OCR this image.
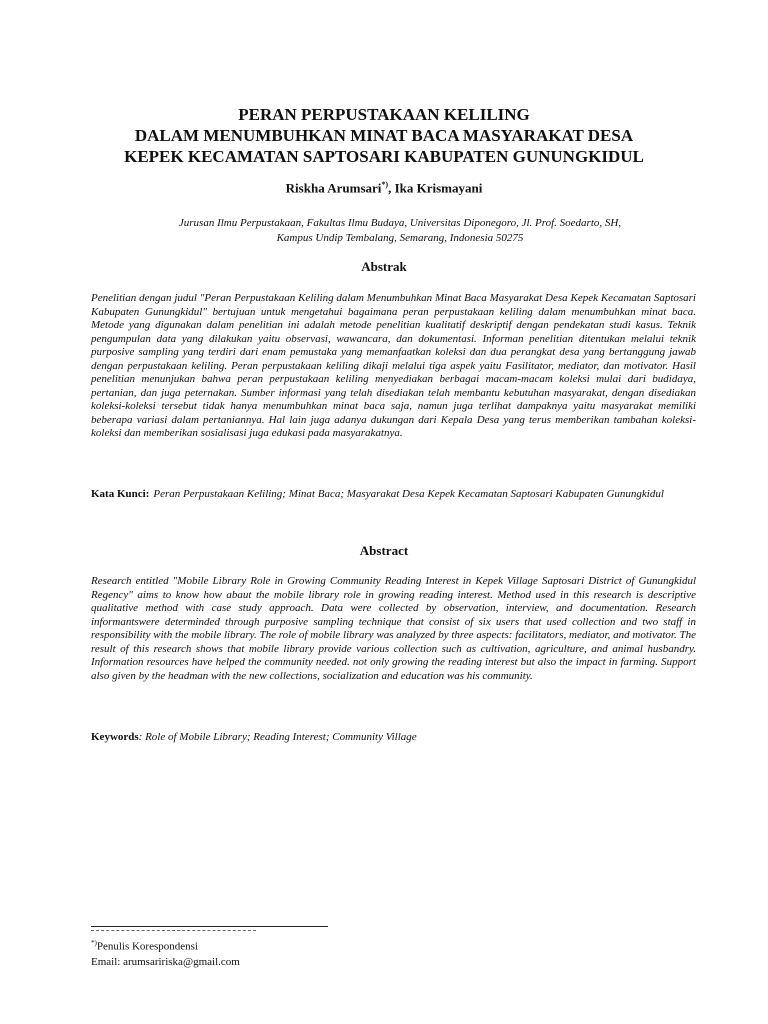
PERAN PERPUSTAKAAN KELILING
DALAM MENUMBUHKAN MINAT BACA MASYARAKAT DESA
KEPEK KECAMATAN SAPTOSARI KABUPATEN GUNUNGKIDUL
Riskha Arumsari*), Ika Krismayani
Jurusan Ilmu Perpustakaan, Fakultas Ilmu Budaya, Universitas Diponegoro, Jl. Prof. Soedarto, SH,
Kampus Undip Tembalang, Semarang, Indonesia 50275
Abstrak
Penelitian dengan judul "Peran Perpustakaan Keliling dalam Menumbuhkan Minat Baca Masyarakat Desa Kepek Kecamatan Saptosari Kabupaten Gunungkidul" bertujuan untuk mengetahui bagaimana peran perpustakaan keliling dalam menumbuhkan minat baca. Metode yang digunakan dalam penelitian ini adalah metode penelitian kualitatif deskriptif dengan pendekatan studi kasus. Teknik pengumpulan data yang dilakukan yaitu observasi, wawancara, dan dokumentasi. Informan penelitian ditentukan melalui teknik purposive sampling yang terdiri dari enam pemustaka yang memanfaatkan koleksi dan dua perangkat desa yang bertanggung jawab dengan perpustakaan keliling. Peran perpustakaan keliling dikaji melalui tiga aspek yaitu Fasilitator, mediator, dan motivator. Hasil penelitian menunjukan bahwa peran perpustakaan keliling menyediakan berbagai macam-macam koleksi mulai dari budidaya, pertanian, dan juga peternakan. Sumber informasi yang telah disediakan telah membantu kebutuhan masyarakat, dengan disediakan koleksi-koleksi tersebut tidak hanya menumbuhkan minat baca saja, namun juga terlihat dampaknya yaitu masyarakat memiliki beberapa variasi dalam pertaniannya. Hal lain juga adanya dukungan dari Kepala Desa yang terus memberikan tambahan koleksi-koleksi dan memberikan sosialisasi juga edukasi pada masyarakatnya.
Kata Kunci: Peran Perpustakaan Keliling; Minat Baca; Masyarakat Desa Kepek Kecamatan Saptosari Kabupaten Gunungkidul
Abstract
Research entitled "Mobile Library Role in Growing Community Reading Interest in Kepek Village Saptosari District of Gunungkidul Regency" aims to know how abaut the mobile library role in growing reading interest. Method used in this research is descriptive qualitative method with case study approach. Data were collected by observation, interview, and documentation. Research informantswere determinded through purposive sampling technique that consist of six users that used collection and two staff in responsibility with the mobile library. The role of mobile library was analyzed by three aspects: facilitators, mediator, and motivator. The result of this research shows that mobile library provide various collection such as cultivation, agriculture, and animal husbandry. Information resources have helped the community needed. not only growing the reading interest but also the impact in farming. Support also given by the headman with the new collections, socialization and education was his community.
Keywords: Role of Mobile Library; Reading Interest; Community Village
*)Penulis Korespondensi
Email: arumsaririska@gmail.com
